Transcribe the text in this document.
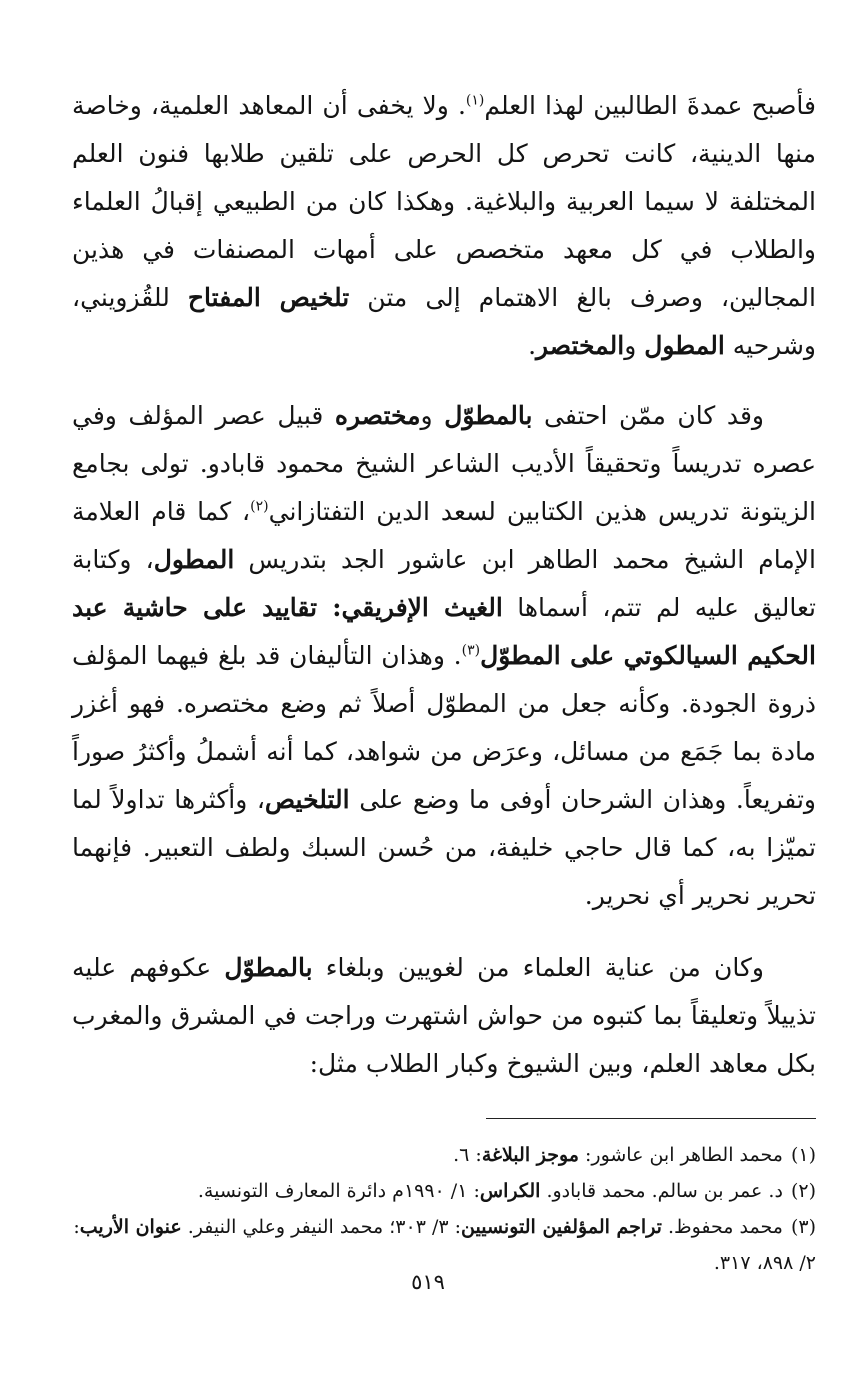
فأصبح عمدةَ الطالبين لهذا العلم$^{(١)}$. ولا يخفى أن المعاهد العلمية، وخاصة منها الدينية، كانت تحرص كل الحرص على تلقين طلابها فنون العلم المختلفة لا سيما العربية والبلاغية. وهكذا كان من الطبيعي إقبالُ العلماء والطلاب في كل معهد متخصص على أمهات المصنفات في هذين المجالين، وصرف بالغ الاهتمام إلى متن تلخيص المفتاح للقُزويني، وشرحيه المطول والمختصر.

وقد كان ممّن احتفى بالمطوّل ومختصره قبيل عصر المؤلف وفي عصره تدريساً وتحقيقاً الأديب الشاعر الشيخ محمود قابادو. تولى بجامع الزيتونة تدريس هذين الكتابين لسعد الدين التفتازاني$^{(٢)}$، كما قام العلامة الإمام الشيخ محمد الطاهر ابن عاشور الجد بتدريس المطول، وكتابة تعاليق عليه لم تتم، أسماها الغيث الإفريقي: تقاييد على حاشية عبد الحكيم السيالكوتي على المطوّل$^{(٣)}$. وهذان التأليفان قد بلغ فيهما المؤلف ذروة الجودة. وكأنه جعل من المطوّل أصلاً ثم وضع مختصره. فهو أغزر مادة بما جَمَع من مسائل، وعرَض من شواهد، كما أنه أشملُ وأكثرُ صوراً وتفريعاً. وهذان الشرحان أوفى ما وضع على التلخيص، وأكثرها تداولاً لما تميّزا به، كما قال حاجي خليفة، من حُسن السبك ولطف التعبير. فإنهما تحرير نحرير أي نحرير.

وكان من عناية العلماء من لغويين وبلغاء بالمطوّل عكوفهم عليه تذييلاً وتعليقاً بما كتبوه من حواش اشتهرت وراجت في المشرق والمغرب بكل معاهد العلم، وبين الشيوخ وكبار الطلاب مثل:

(١)محمد الطاهر ابن عاشور: موجز البلاغة: ٦.

(٢)د. عمر بن سالم. محمد قابادو. الكراس: ١/ ١٩٩٠م دائرة المعارف التونسية.

(٣)محمد محفوظ. تراجم المؤلفين التونسيين: ٣/ ٣٠٣؛ محمد النيفر وعلي النيفر. عنوان الأريب: ٢/ ٨٩٨، ٣١٧.

٥١٩
